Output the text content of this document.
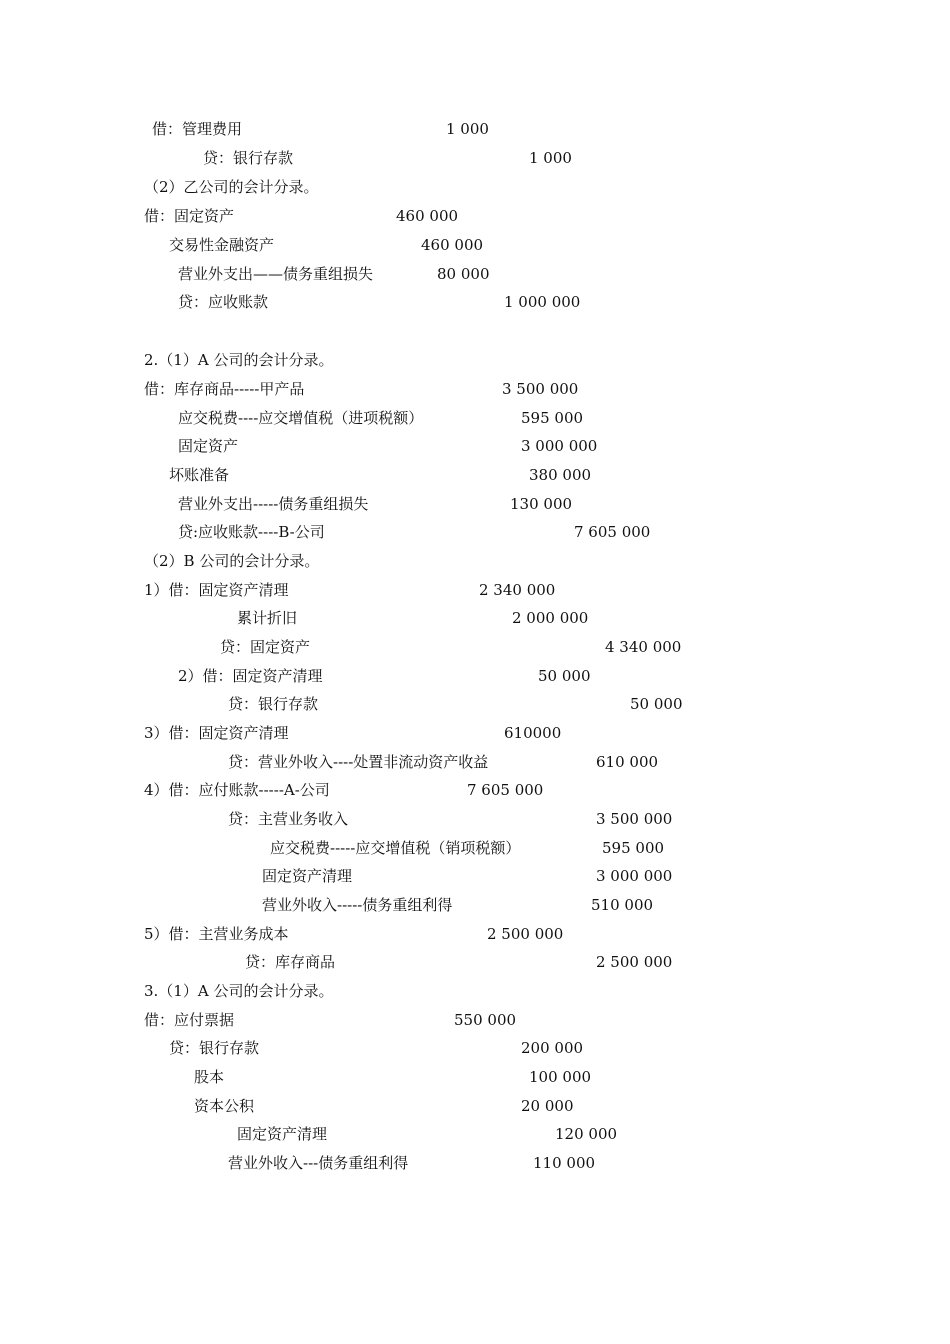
借：管理费用	1 000
贷：银行存款	1 000
（2）乙公司的会计分录。
借：固定资产	460 000
交易性金融资产	460 000
营业外支出——债务重组损失	80 000
贷：应收账款	1 000 000
2.（1）A 公司的会计分录。
借：库存商品-----甲产品	3 500 000
应交税费----应交增值税（进项税额）	595 000
固定资产	3 000 000
坏账准备	380 000
营业外支出-----债务重组损失	130 000
贷:应收账款----B-公司	7 605 000
（2）B 公司的会计分录。
1）借：固定资产清理	2 340 000
累计折旧	2 000 000
贷：固定资产	4 340 000
2）借：固定资产清理	50 000
贷：银行存款	50 000
3）借：固定资产清理	610000
贷：营业外收入----处置非流动资产收益	610 000
4）借：应付账款-----A-公司	7 605 000
贷：主营业务收入	3 500 000
应交税费-----应交增值税（销项税额）	595 000
固定资产清理	3 000 000
营业外收入-----债务重组利得	510 000
5）借：主营业务成本	2 500 000
贷：库存商品	2 500 000
3.（1）A 公司的会计分录。
借：应付票据	550 000
贷：银行存款	200 000
股本	100 000
资本公积	20 000
固定资产清理	120 000
营业外收入---债务重组利得	110 000
